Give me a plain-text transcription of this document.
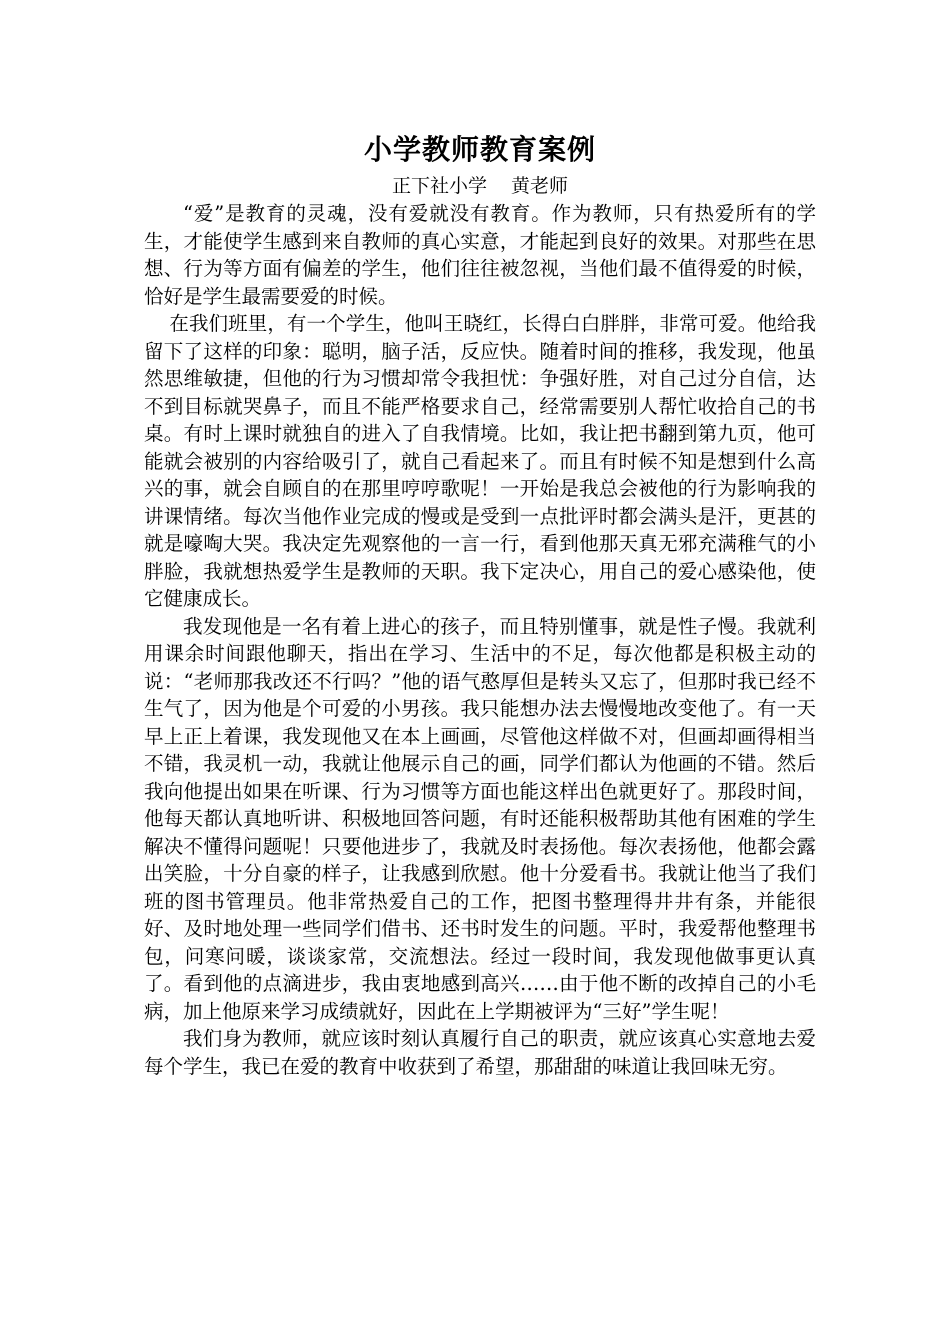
小学教师教育案例
正下社小学 黄老师

“爱”是教育的灵魂，没有爱就没有教育。作为教师，只有热爱所有的学生，才能使学生感到来自教师的真心实意，才能起到良好的效果。对那些在思想、行为等方面有偏差的学生，他们往往被忽视，当他们最不值得爱的时候，恰好是学生最需要爱的时候。

在我们班里，有一个学生，他叫王晓红，长得白白胖胖，非常可爱。他给我留下了这样的印象：聪明，脑子活，反应快。随着时间的推移，我发现，他虽然思维敏捷，但他的行为习惯却常令我担忧：争强好胜，对自己过分自信，达不到目标就哭鼻子，而且不能严格要求自己，经常需要别人帮忙收拾自己的书桌。有时上课时就独自的进入了自我情境。比如，我让把书翻到第九页，他可能就会被别的内容给吸引了，就自己看起来了。而且有时候不知是想到什么高兴的事，就会自顾自的在那里哼哼歌呢！一开始是我总会被他的行为影响我的讲课情绪。每次当他作业完成的慢或是受到一点批评时都会满头是汗，更甚的就是嚎啕大哭。我决定先观察他的一言一行，看到他那天真无邪充满稚气的小胖脸，我就想热爱学生是教师的天职。我下定决心，用自己的爱心感染他，使它健康成长。

我发现他是一名有着上进心的孩子，而且特别懂事，就是性子慢。我就利用课余时间跟他聊天，指出在学习、生活中的不足，每次他都是积极主动的说：“老师那我改还不行吗？”他的语气憨厚但是转头又忘了，但那时我已经不生气了，因为他是个可爱的小男孩。我只能想办法去慢慢地改变他了。有一天早上正上着课，我发现他又在本上画画，尽管他这样做不对，但画却画得相当不错，我灵机一动，我就让他展示自己的画，同学们都认为他画的不错。然后我向他提出如果在听课、行为习惯等方面也能这样出色就更好了。那段时间，他每天都认真地听讲、积极地回答问题，有时还能积极帮助其他有困难的学生解决不懂得问题呢！只要他进步了，我就及时表扬他。每次表扬他，他都会露出笑脸，十分自豪的样子，让我感到欣慰。他十分爱看书。我就让他当了我们班的图书管理员。他非常热爱自己的工作，把图书整理得井井有条，并能很好、及时地处理一些同学们借书、还书时发生的问题。平时，我爱帮他整理书包，问寒问暖，谈谈家常，交流想法。经过一段时间，我发现他做事更认真了。看到他的点滴进步，我由衷地感到高兴……由于他不断的改掉自己的小毛病，加上他原来学习成绩就好，因此在上学期被评为“三好”学生呢！

我们身为教师，就应该时刻认真履行自己的职责，就应该真心实意地去爱每个学生，我已在爱的教育中收获到了希望，那甜甜的味道让我回味无穷。
